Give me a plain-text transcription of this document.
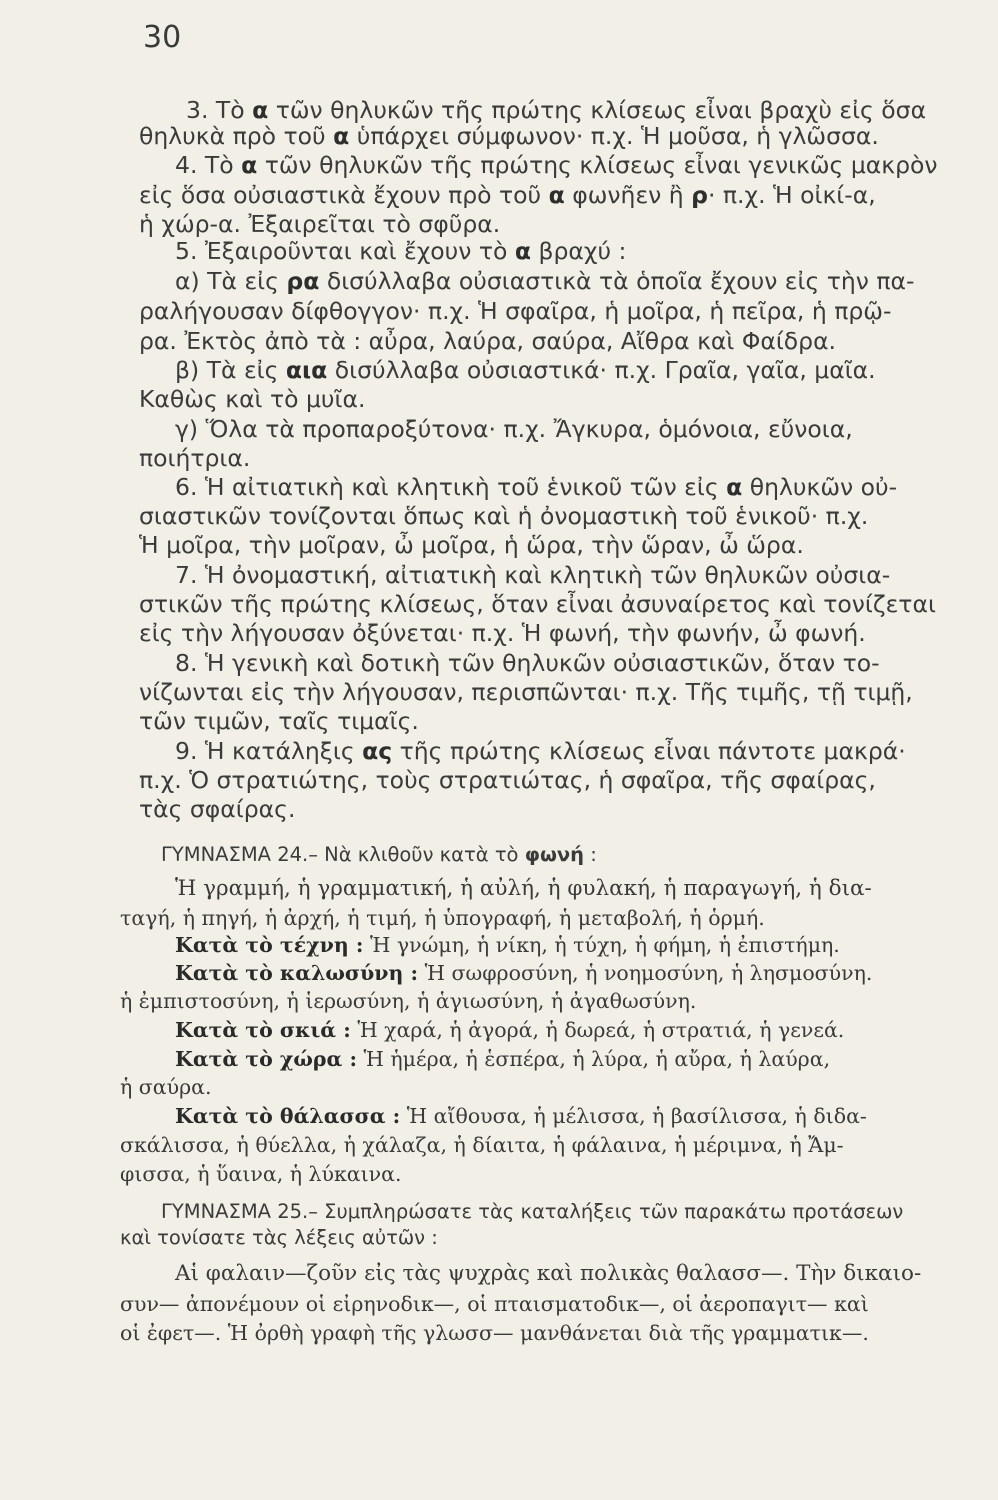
30
3. Τὸ α τῶν θηλυκῶν τῆς πρώτης κλίσεως εἶναι βραχὺ εἰς ὅσα
θηλυκὰ πρὸ τοῦ α ὑπάρχει σύμφωνον· π.χ. Ἡ μοῦσα, ἡ γλῶσσα.
4. Τὸ α τῶν θηλυκῶν τῆς πρώτης κλίσεως εἶναι γενικῶς μακρὸν
εἰς ὅσα οὐσιαστικὰ ἔχουν πρὸ τοῦ α φωνῆεν ἢ ρ· π.χ. Ἡ οἰκί-α,
ἡ χώρ-α. Ἐξαιρεῖται τὸ σφῦρα.
5. Ἐξαιροῦνται καὶ ἔχουν τὸ α βραχύ :
α) Τὰ εἰς ρα δισύλλαβα οὐσιαστικὰ τὰ ὁποῖα ἔχουν εἰς τὴν πα-
ραλήγουσαν δίφθογγον· π.χ. Ἡ σφαῖρα, ἡ μοῖρα, ἡ πεῖρα, ἡ πρῷ-
ρα. Ἐκτὸς ἀπὸ τὰ : αὖρα, λαύρα, σαύρα, Αἴθρα καὶ Φαίδρα.
β) Τὰ εἰς αια δισύλλαβα οὐσιαστικά· π.χ. Γραῖα, γαῖα, μαῖα.
Καθὼς καὶ τὸ μυῖα.
γ) Ὅλα τὰ προπαροξύτονα· π.χ. Ἄγκυρα, ὁμόνοια, εὔνοια,
ποιήτρια.
6. Ἡ αἰτιατικὴ καὶ κλητικὴ τοῦ ἑνικοῦ τῶν εἰς α θηλυκῶν οὐ-
σιαστικῶν τονίζονται ὅπως καὶ ἡ ὀνομαστικὴ τοῦ ἑνικοῦ· π.χ.
Ἡ μοῖρα, τὴν μοῖραν, ὦ μοῖρα, ἡ ὥρα, τὴν ὥραν, ὦ ὥρα.
7. Ἡ ὀνομαστική, αἰτιατικὴ καὶ κλητικὴ τῶν θηλυκῶν οὐσια-
στικῶν τῆς πρώτης κλίσεως, ὅταν εἶναι ἀσυναίρετος καὶ τονίζεται
εἰς τὴν λήγουσαν ὀξύνεται· π.χ. Ἡ φωνή, τὴν φωνήν, ὦ φωνή.
8. Ἡ γενικὴ καὶ δοτικὴ τῶν θηλυκῶν οὐσιαστικῶν, ὅταν το-
νίζωνται εἰς τὴν λήγουσαν, περισπῶνται· π.χ. Τῆς τιμῆς, τῇ τιμῇ,
τῶν τιμῶν, ταῖς τιμαῖς.
9. Ἡ κατάληξις ας τῆς πρώτης κλίσεως εἶναι πάντοτε μακρά·
π.χ. Ὁ στρατιώτης, τοὺς στρατιώτας, ἡ σφαῖρα, τῆς σφαίρας,
τὰς σφαίρας.
ΓΥΜΝΑΣΜΑ 24.– Νὰ κλιθοῦν κατὰ τὸ φωνή :
Ἡ γραμμή, ἡ γραμματική, ἡ αὐλή, ἡ φυλακή, ἡ παραγωγή, ἡ δια-
ταγή, ἡ πηγή, ἡ ἀρχή, ἡ τιμή, ἡ ὑπογραφή, ἡ μεταβολή, ἡ ὁρμή.
Κατὰ τὸ τέχνη : Ἡ γνώμη, ἡ νίκη, ἡ τύχη, ἡ φήμη, ἡ ἐπιστήμη.
Κατὰ τὸ καλωσύνη : Ἡ σωφροσύνη, ἡ νοημοσύνη, ἡ λησμοσύνη.
ἡ ἐμπιστοσύνη, ἡ ἱερωσύνη, ἡ ἁγιωσύνη, ἡ ἀγαθωσύνη.
Κατὰ τὸ σκιά : Ἡ χαρά, ἡ ἀγορά, ἡ δωρεά, ἡ στρατιά, ἡ γενεά.
Κατὰ τὸ χώρα : Ἡ ἡμέρα, ἡ ἑσπέρα, ἡ λύρα, ἡ αὔρα, ἡ λαύρα,
ἡ σαύρα.
Κατὰ τὸ θάλασσα : Ἡ αἴθουσα, ἡ μέλισσα, ἡ βασίλισσα, ἡ διδα-
σκάλισσα, ἡ θύελλα, ἡ χάλαζα, ἡ δίαιτα, ἡ φάλαινα, ἡ μέριμνα, ἡ Ἄμ-
φισσα, ἡ ὕαινα, ἡ λύκαινα.
ΓΥΜΝΑΣΜΑ 25.– Συμπληρώσατε τὰς καταλήξεις τῶν παρακάτω προτάσεων
καὶ τονίσατε τὰς λέξεις αὐτῶν :
Αἱ φαλαιν—ζοῦν εἰς τὰς ψυχρὰς καὶ πολικὰς θαλασσ—. Τὴν δικαιο-
συν— ἀπονέμουν οἱ εἰρηνοδικ—, οἱ πταισματοδικ—, οἱ ἀεροπαγιτ— καὶ
οἱ ἐφετ—. Ἡ ὀρθὴ γραφὴ τῆς γλωσσ— μανθάνεται διὰ τῆς γραμματικ—.
